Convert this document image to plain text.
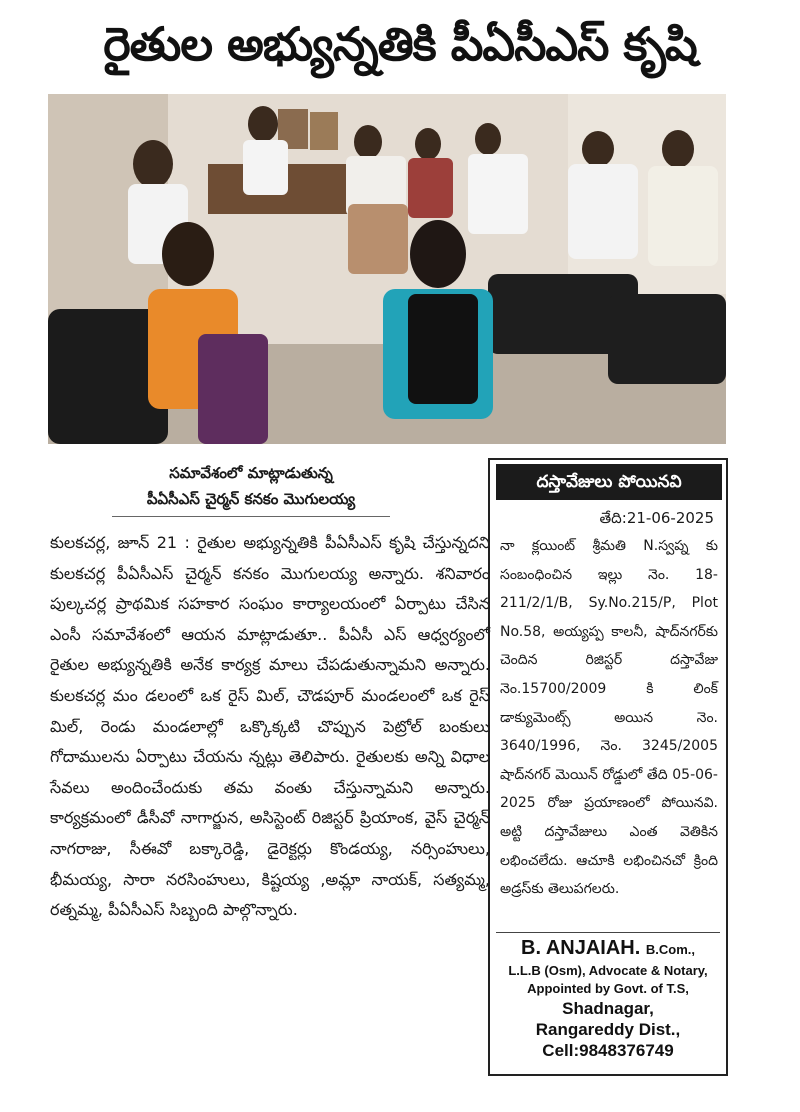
రైతుల అభ్యున్నతికి పీఏసీఎస్ కృషి
సమావేశంలో మాట్లాడుతున్న
పీఏసీఎస్ చైర్మన్ కనకం మొగులయ్య

కులకచర్ల, జూన్ 21 : రైతుల అభ్యున్నతికి పీఏసీఎస్ కృషి చేస్తున్నదని కులకచర్ల పీఏసీఎస్ చైర్మన్ కనకం మొగులయ్య అన్నారు. శనివారం పుల్కచర్ల ప్రాథమిక సహకార సంఘం కార్యాలయంలో ఏర్పాటు చేసిన ఎంసీ సమావేశంలో ఆయన మాట్లాడుతూ.. పీఏసీ ఎస్ ఆధ్వర్యంలో రైతుల అభ్యున్నతికి అనేక కార్యక్ర మాలు చేపడుతున్నామని అన్నారు. కులకచర్ల మం డలంలో ఒక రైస్ మిల్, చౌడపూర్ మండలంలో ఒక రైస్ మిల్, రెండు మండలాల్లో ఒక్కొక్కటి చొప్పున పెట్రోల్ బంకులు గోదాములను ఏర్పాటు చేయను న్నట్లు తెలిపారు. రైతులకు అన్ని విధాల సేవలు అందించేందుకు తమ వంతు చేస్తున్నామని అన్నారు. కార్యక్రమంలో డీసీవో నాగార్జున, అసిస్టెంట్ రిజిస్టర్ ప్రియాంక, వైస్ చైర్మన్ నాగరాజు, సీఈవో బక్కారెడ్డి, డైరెక్టర్లు కొండయ్య, నర్సింహులు, భీమయ్య, సారా నరసింహులు, కిష్టయ్య ,అమ్లా నాయక్, సత్యమ్మ, రత్నమ్మ, పీఏసీఎస్ సిబ్బంది పాల్గొన్నారు.

దస్తావేజులు పోయినవి
తేది:21-06-2025
నా క్లయింట్ శ్రీమతి N.స్వప్న కు సంబంధించిన ఇల్లు నెం. 18-211/2/1/B, Sy.No.215/P, Plot No.58, అయ్యప్ప కాలనీ, షాద్‌నగర్‌కు చెందిన రిజిస్టర్ దస్తావేజు నెం.15700/2009 కి లింక్ డాక్యుమెంట్స్ అయిన నెం. 3640/1996, నెం. 3245/2005 షాద్‌నగర్ మెయిన్ రోడ్డులో తేది 05-06-2025 రోజు ప్రయాణంలో పోయినవి. అట్టి దస్తావేజులు ఎంత వెతికిన లభించలేదు. ఆచూకి లభించినచో క్రింది అడ్రస్‌కు తెలుపగలరు.
B. ANJAIAH. B.Com.,
L.L.B (Osm), Advocate & Notary,
Appointed by Govt. of T.S,
Shadnagar,
Rangareddy Dist.,
Cell:9848376749
